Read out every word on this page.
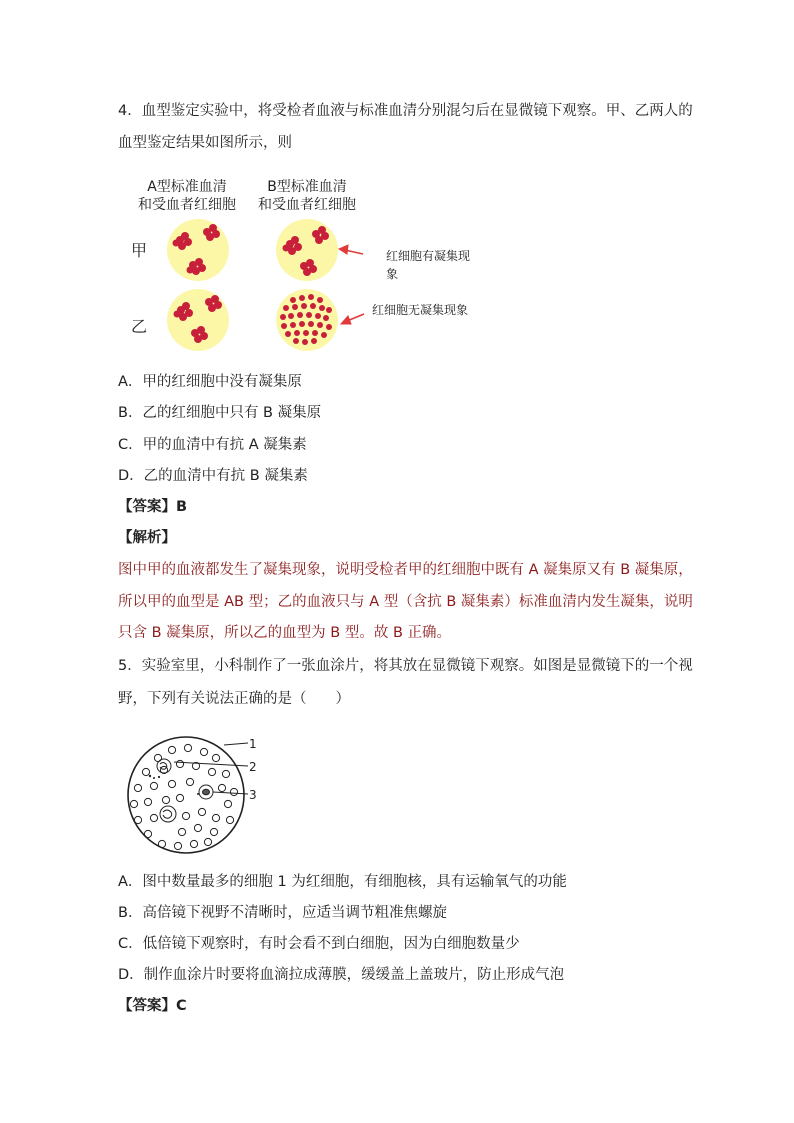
4．血型鉴定实验中，将受检者血液与标准血清分别混匀后在显微镜下观察。甲、乙两人的
血型鉴定结果如图所示，则
A型标准血清
和受血者红细胞
B型标准血清
和受血者红细胞
甲
乙
红细胞有凝集现
象
红细胞无凝集现象
A．甲的红细胞中没有凝集原
B．乙的红细胞中只有 B 凝集原
C．甲的血清中有抗 A 凝集素
D．乙的血清中有抗 B 凝集素
【答案】B
【解析】
图中甲的血液都发生了凝集现象，说明受检者甲的红细胞中既有 A 凝集原又有 B 凝集原，
所以甲的血型是 AB 型；乙的血液只与 A 型（含抗 B 凝集素）标准血清内发生凝集，说明
只含 B 凝集原，所以乙的血型为 B 型。故 B 正确。
5．实验室里，小科制作了一张血涂片，将其放在显微镜下观察。如图是显微镜下的一个视
野，下列有关说法正确的是（　　）
1
2
3
A．图中数量最多的细胞 1 为红细胞，有细胞核，具有运输氧气的功能
B．高倍镜下视野不清晰时，应适当调节粗准焦螺旋
C．低倍镜下观察时，有时会看不到白细胞，因为白细胞数量少
D．制作血涂片时要将血滴拉成薄膜，缓缓盖上盖玻片，防止形成气泡
【答案】C
